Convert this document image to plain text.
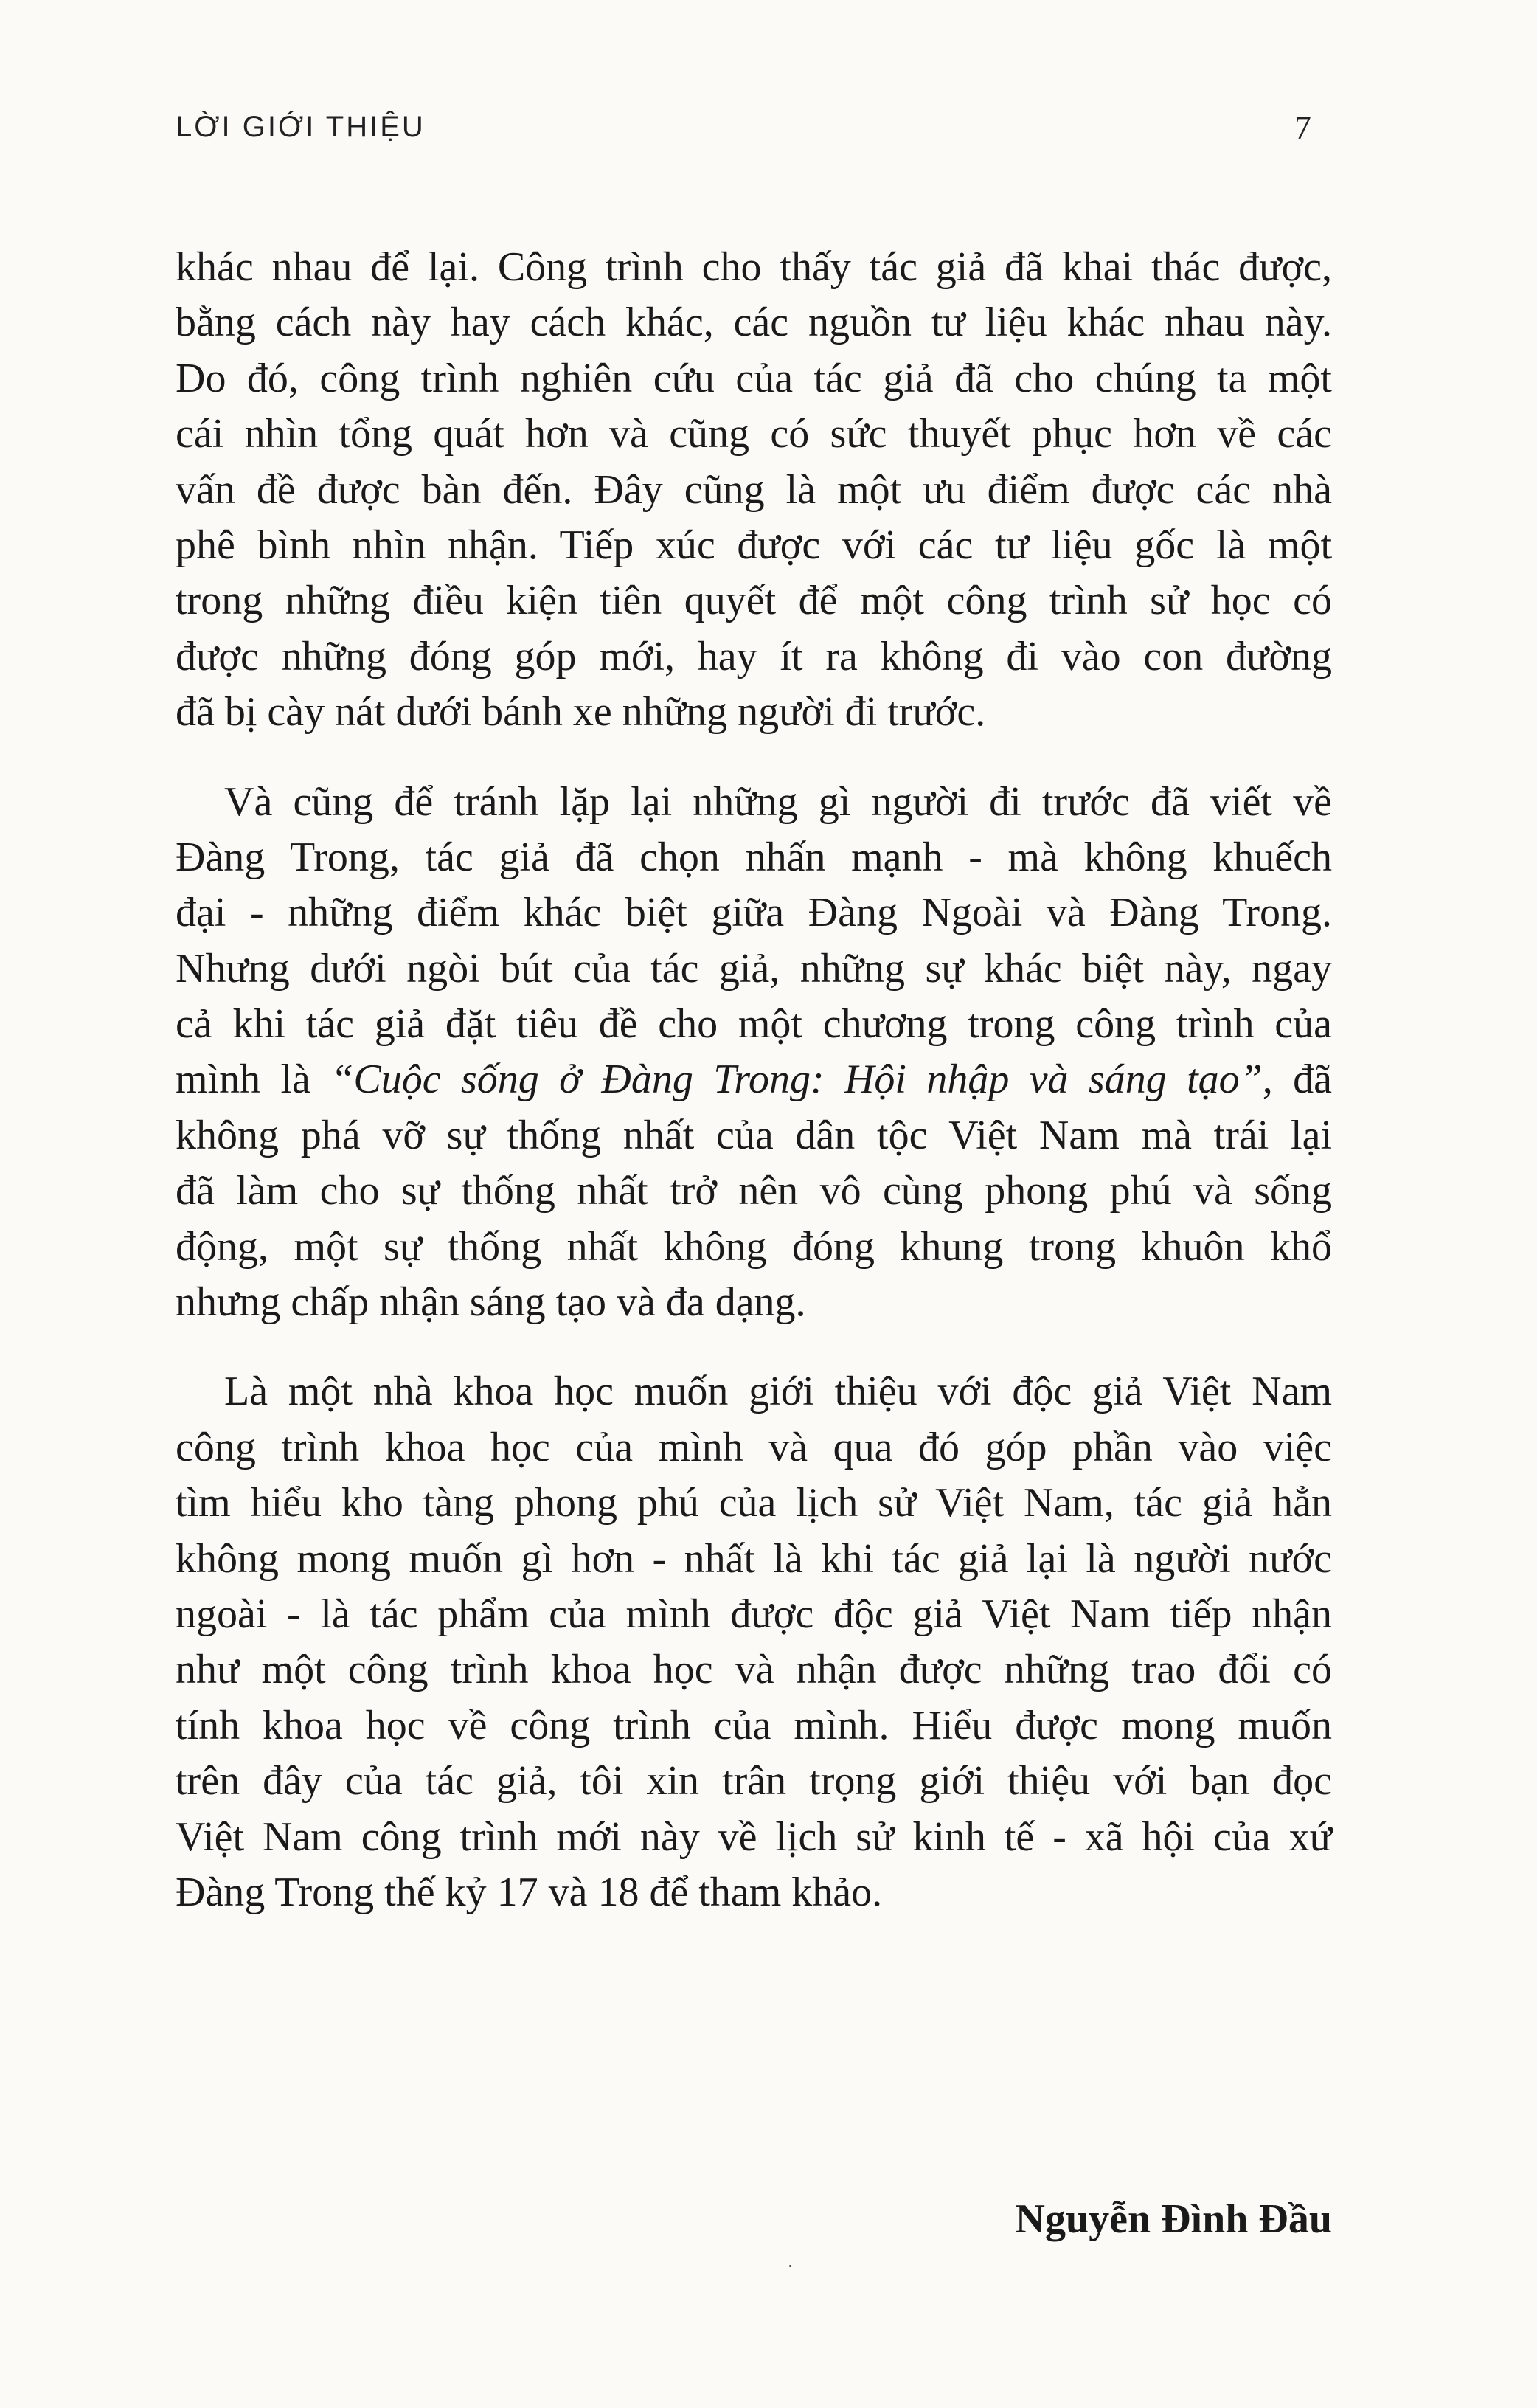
LỜI GIỚI THIỆU	7
khác nhau để lại. Công trình cho thấy tác giả đã khai thác được,
bằng cách này hay cách khác, các nguồn tư liệu khác nhau này.
Do đó, công trình nghiên cứu của tác giả đã cho chúng ta một
cái nhìn tổng quát hơn và cũng có sức thuyết phục hơn về các
vấn đề được bàn đến. Đây cũng là một ưu điểm được các nhà
phê bình nhìn nhận. Tiếp xúc được với các tư liệu gốc là một
trong những điều kiện tiên quyết để một công trình sử học có
được những đóng góp mới, hay ít ra không đi vào con đường
đã bị cày nát dưới bánh xe những người đi trước.
Và cũng để tránh lặp lại những gì người đi trước đã viết về
Đàng Trong, tác giả đã chọn nhấn mạnh - mà không khuếch
đại - những điểm khác biệt giữa Đàng Ngoài và Đàng Trong.
Nhưng dưới ngòi bút của tác giả, những sự khác biệt này, ngay
cả khi tác giả đặt tiêu đề cho một chương trong công trình của
mình là “Cuộc sống ở Đàng Trong: Hội nhập và sáng tạo”, đã
không phá vỡ sự thống nhất của dân tộc Việt Nam mà trái lại
đã làm cho sự thống nhất trở nên vô cùng phong phú và sống
động, một sự thống nhất không đóng khung trong khuôn khổ
nhưng chấp nhận sáng tạo và đa dạng.
Là một nhà khoa học muốn giới thiệu với độc giả Việt Nam
công trình khoa học của mình và qua đó góp phần vào việc
tìm hiểu kho tàng phong phú của lịch sử Việt Nam, tác giả hẳn
không mong muốn gì hơn - nhất là khi tác giả lại là người nước
ngoài - là tác phẩm của mình được độc giả Việt Nam tiếp nhận
như một công trình khoa học và nhận được những trao đổi có
tính khoa học về công trình của mình. Hiểu được mong muốn
trên đây của tác giả, tôi xin trân trọng giới thiệu với bạn đọc
Việt Nam công trình mới này về lịch sử kinh tế - xã hội của xứ
Đàng Trong thế kỷ 17 và 18 để tham khảo.
Nguyễn Đình Đầu
